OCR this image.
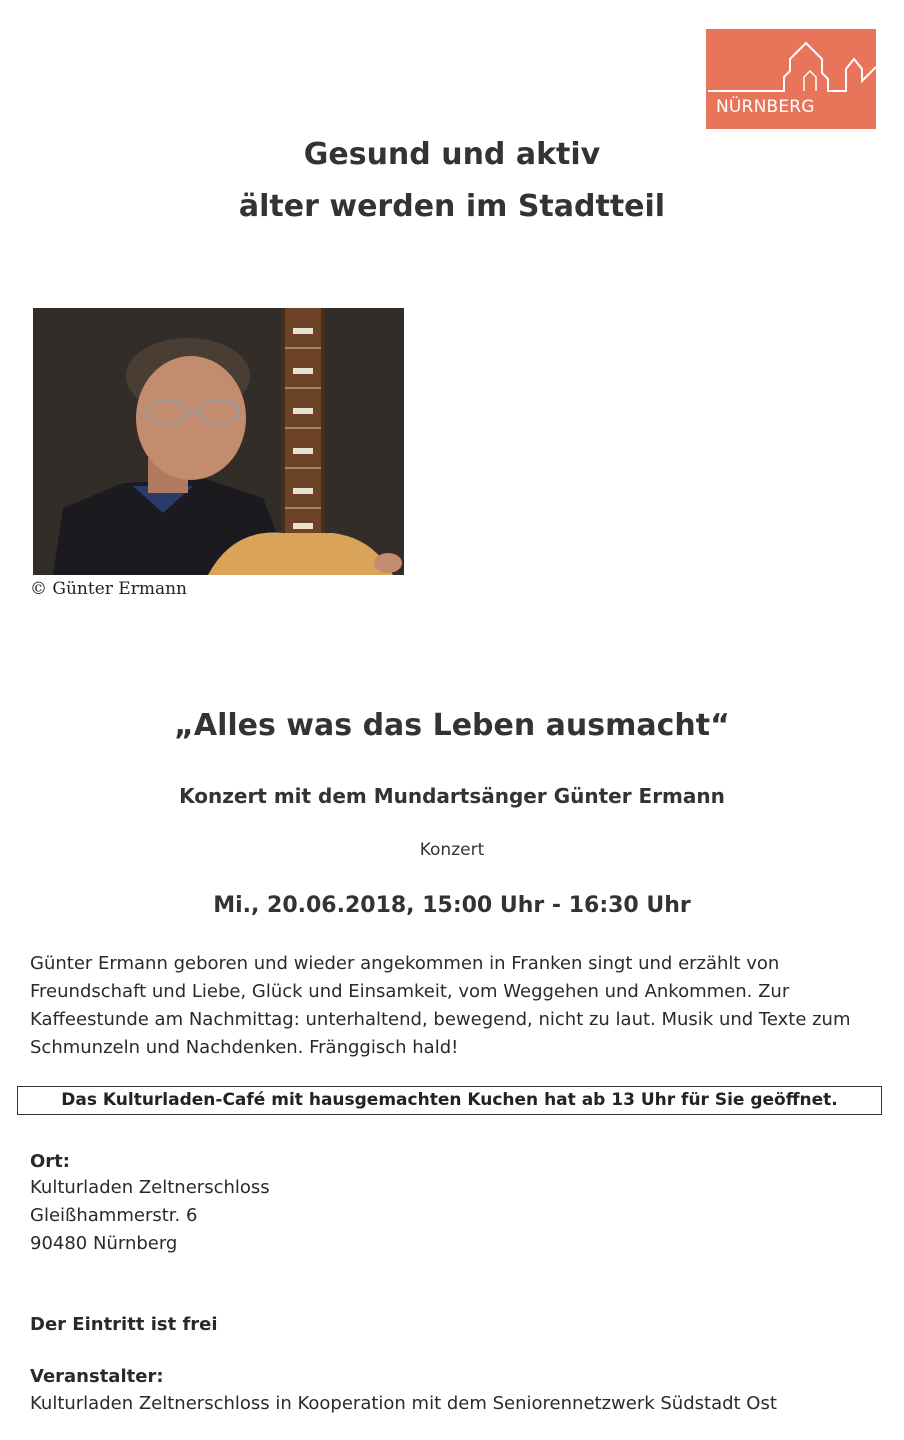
NÜRNBERG
Gesund und aktiv
älter werden im Stadtteil
© Günter Ermann
„Alles was das Leben ausmacht“
Konzert mit dem Mundartsänger Günter Ermann
Konzert
Mi., 20.06.2018, 15:00 Uhr - 16:30 Uhr
Günter Ermann geboren und wieder angekommen in Franken singt und erzählt von
Freundschaft und Liebe, Glück und Einsamkeit, vom Weggehen und Ankommen. Zur
Kaffeestunde am Nachmittag: unterhaltend, bewegend, nicht zu laut. Musik und Texte zum
Schmunzeln und Nachdenken. Frӓnggisch hald!
Das Kulturladen-Café mit hausgemachten Kuchen hat ab 13 Uhr für Sie geöffnet.
Ort:
Kulturladen Zeltnerschloss
Gleißhammerstr. 6
90480 Nürnberg
Der Eintritt ist frei
Veranstalter:
Kulturladen Zeltnerschloss in Kooperation mit dem Seniorennetzwerk Südstadt Ost
